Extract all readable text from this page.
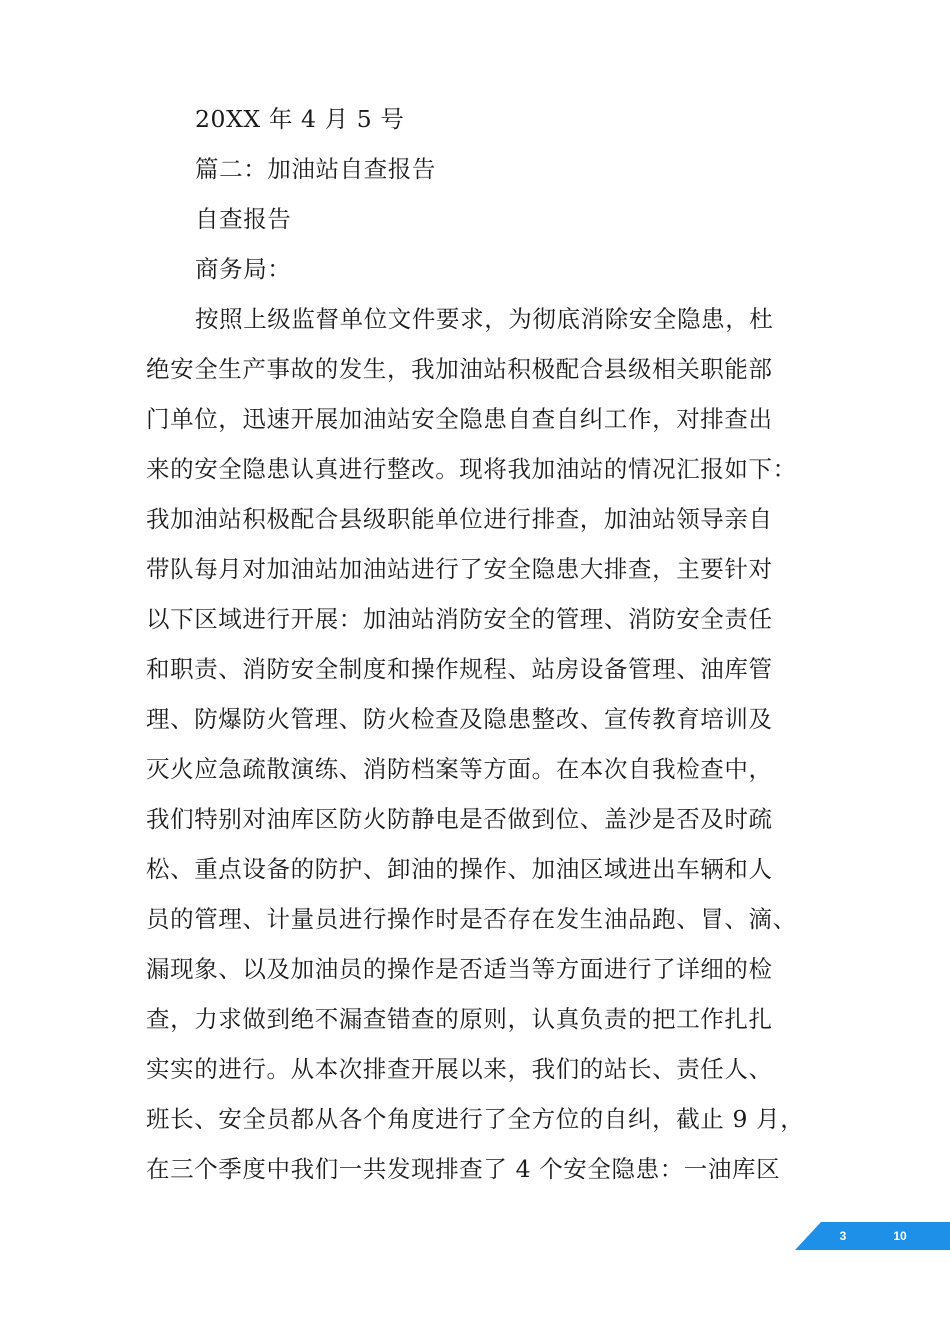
20XX 年 4 月 5 号
篇二：加油站自查报告
自查报告
商务局：
按照上级监督单位文件要求，为彻底消除安全隐患，杜
绝安全生产事故的发生，我加油站积极配合县级相关职能部
门单位，迅速开展加油站安全隐患自查自纠工作，对排查出
来的安全隐患认真进行整改。现将我加油站的情况汇报如下：
我加油站积极配合县级职能单位进行排查，加油站领导亲自
带队每月对加油站加油站进行了安全隐患大排查，主要针对
以下区域进行开展：加油站消防安全的管理、消防安全责任
和职责、消防安全制度和操作规程、站房设备管理、油库管
理、防爆防火管理、防火检查及隐患整改、宣传教育培训及
灭火应急疏散演练、消防档案等方面。在本次自我检查中，
我们特别对油库区防火防静电是否做到位、盖沙是否及时疏
松、重点设备的防护、卸油的操作、加油区域进出车辆和人
员的管理、计量员进行操作时是否存在发生油品跑、冒、滴、
漏现象、以及加油员的操作是否适当等方面进行了详细的检
查，力求做到绝不漏查错查的原则，认真负责的把工作扎扎
实实的进行。从本次排查开展以来，我们的站长、责任人、
班长、安全员都从各个角度进行了全方位的自纠，截止 9 月，
在三个季度中我们一共发现排查了 4 个安全隐患：一油库区
3	10
